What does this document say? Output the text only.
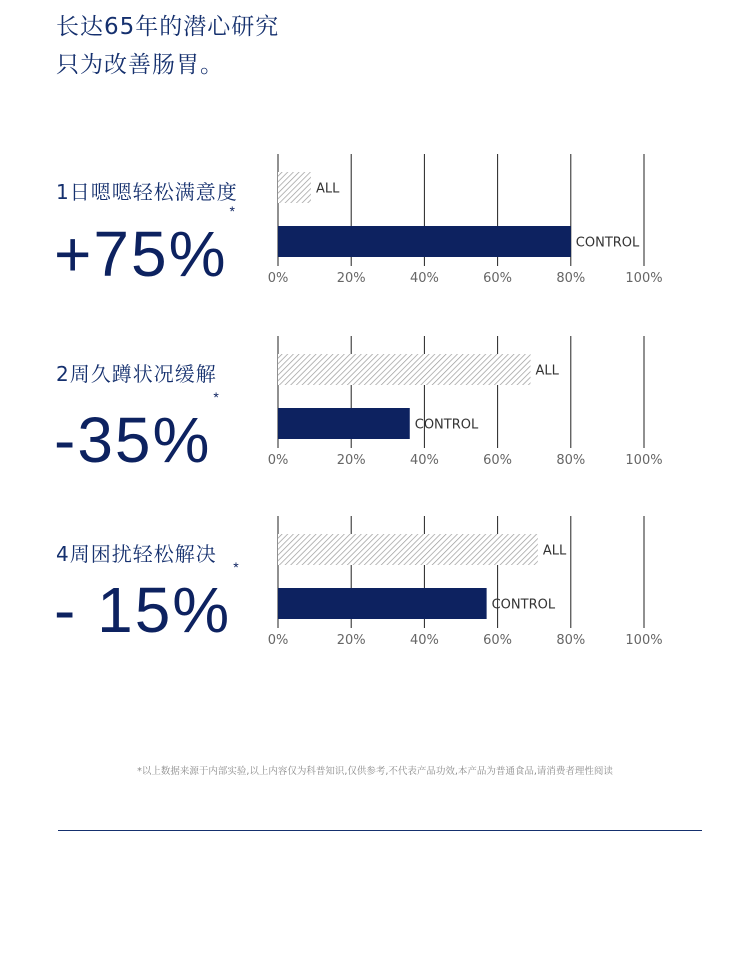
长达65年的潜心研究
只为改善肠胃。
1日嗯嗯轻松满意度
+75%*
0%	20%	40%	60%	80%	100%
ALL
CONTROL
2周久蹲状况缓解
-35%*
0%	20%	40%	60%	80%	100%
ALL
CONTROL
4周困扰轻松解决
- 15%*
0%	20%	40%	60%	80%	100%
ALL
CONTROL
*以上数据来源于内部实验,以上内容仅为科普知识,仅供参考,不代表产品功效,本产品为普通食品,请消费者理性阅读
